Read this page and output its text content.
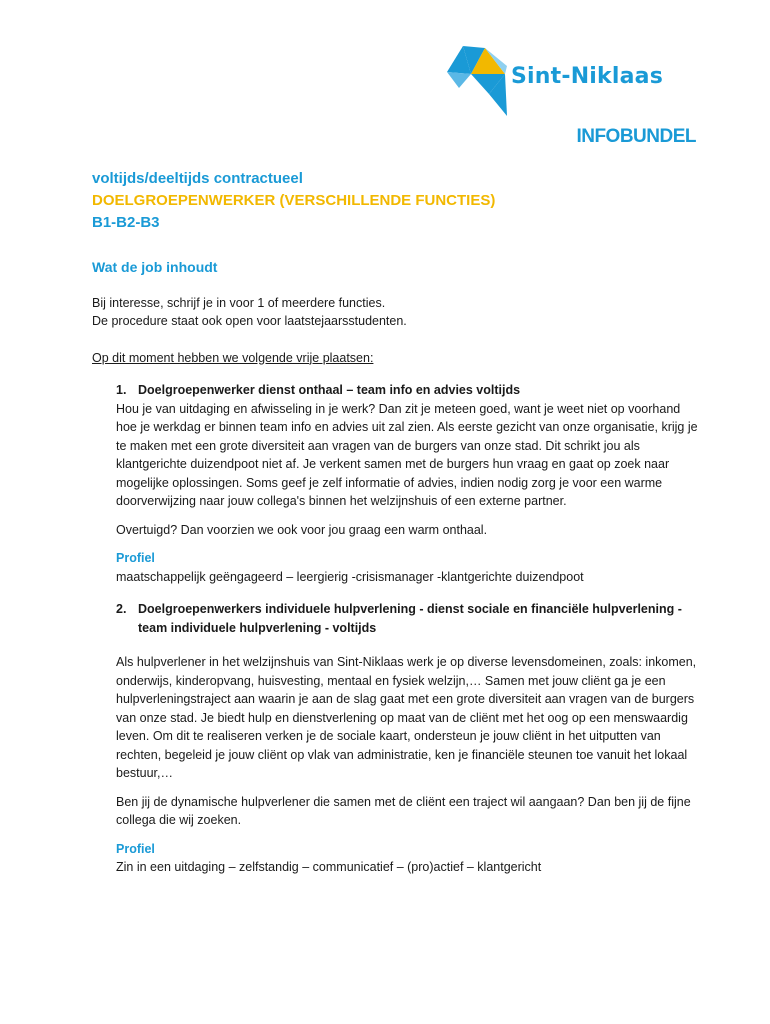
Sint-Niklaas
INFOBUNDEL
voltijds/deeltijds contractueel
DOELGROEPENWERKER (VERSCHILLENDE FUNCTIES)
B1-B2-B3
Wat de job inhoudt

Bij interesse, schrijf je in voor 1 of meerdere functies.

De procedure staat ook open voor laatstejaarsstudenten.

Op dit moment hebben we volgende vrije plaatsen:

1. Doelgroepenwerker dienst onthaal – team info en advies voltijds

Hou je van uitdaging en afwisseling in je werk? Dan zit je meteen goed, want je weet niet op voorhand hoe je werkdag er binnen team info en advies uit zal zien. Als eerste gezicht van onze organisatie, krijg je te maken met een grote diversiteit aan vragen van de burgers van onze stad. Dit schrikt jou als klantgerichte duizendpoot niet af. Je verkent samen met de burgers hun vraag en gaat op zoek naar mogelijke oplossingen. Soms geef je zelf informatie of advies, indien nodig zorg je voor een warme doorverwijzing naar jouw collega's binnen het welzijnshuis of een externe partner.

Overtuigd? Dan voorzien we ook voor jou graag een warm onthaal.

Profiel

maatschappelijk geëngageerd – leergierig -crisismanager -klantgerichte duizendpoot

2. Doelgroepenwerkers individuele hulpverlening - dienst sociale en financiële hulpverlening - team individuele hulpverlening - voltijds

Als hulpverlener in het welzijnshuis van Sint-Niklaas werk je op diverse levensdomeinen, zoals: inkomen, onderwijs, kinderopvang, huisvesting, mentaal en fysiek welzijn,… Samen met jouw cliënt ga je een hulpverleningstraject aan waarin je aan de slag gaat met een grote diversiteit aan vragen van de burgers van onze stad. Je biedt hulp en dienstverlening op maat van de cliënt met het oog op een menswaardig leven. Om dit te realiseren verken je de sociale kaart, ondersteun je jouw cliënt in het uitputten van rechten, begeleid je jouw cliënt op vlak van administratie, ken je financiële steunen toe vanuit het lokaal bestuur,…

Ben jij de dynamische hulpverlener die samen met de cliënt een traject wil aangaan? Dan ben jij de fijne collega die wij zoeken.

Profiel

Zin in een uitdaging – zelfstandig – communicatief – (pro)actief – klantgericht
